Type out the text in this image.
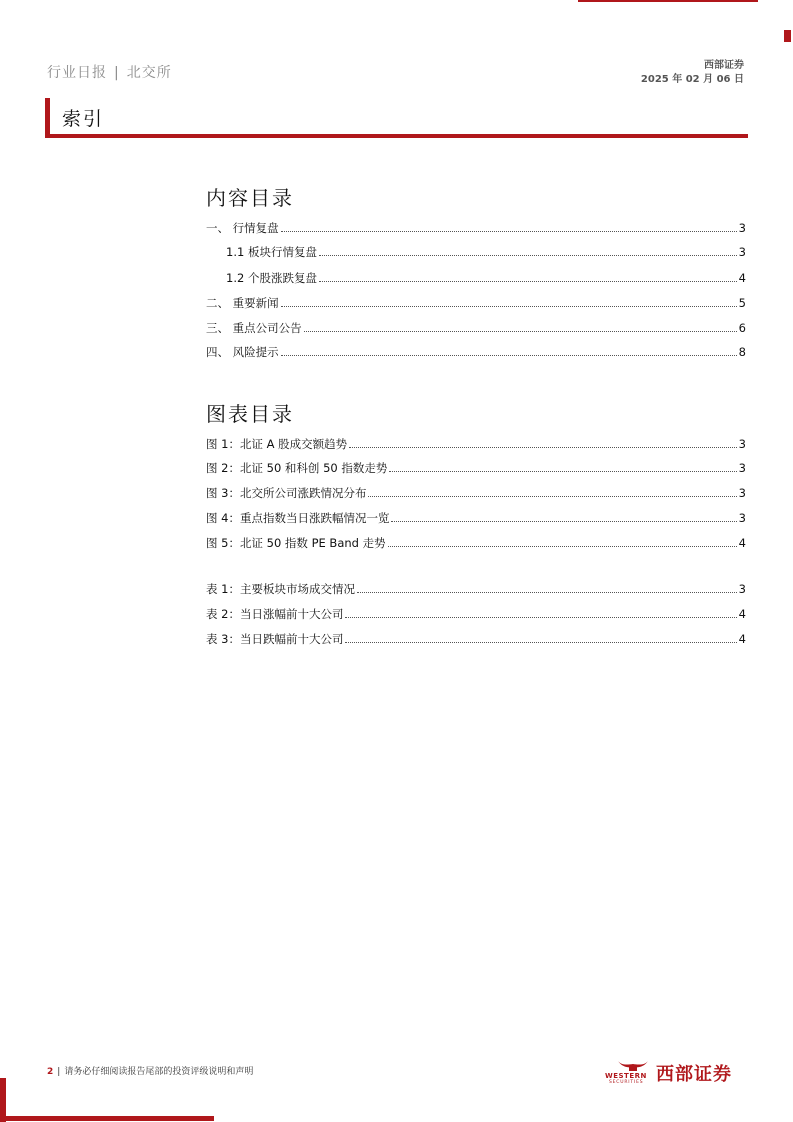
行业日报 | 北交所	西部证券
2025 年 02 月 06 日
索引
内容目录
一、 行情复盘	3
1.1 板块行情复盘	3
1.2 个股涨跌复盘	4
二、 重要新闻	5
三、 重点公司公告	6
四、 风险提示	8
图表目录
图 1：北证 A 股成交额趋势	3
图 2：北证 50 和科创 50 指数走势	3
图 3：北交所公司涨跌情况分布	3
图 4：重点指数当日涨跌幅情况一览	3
图 5：北证 50 指数 PE Band 走势	4
表 1：主要板块市场成交情况	3
表 2：当日涨幅前十大公司	4
表 3：当日跌幅前十大公司	4
2 | 请务必仔细阅读报告尾部的投资评级说明和声明	WESTERN
SECURITIES 西部证券
